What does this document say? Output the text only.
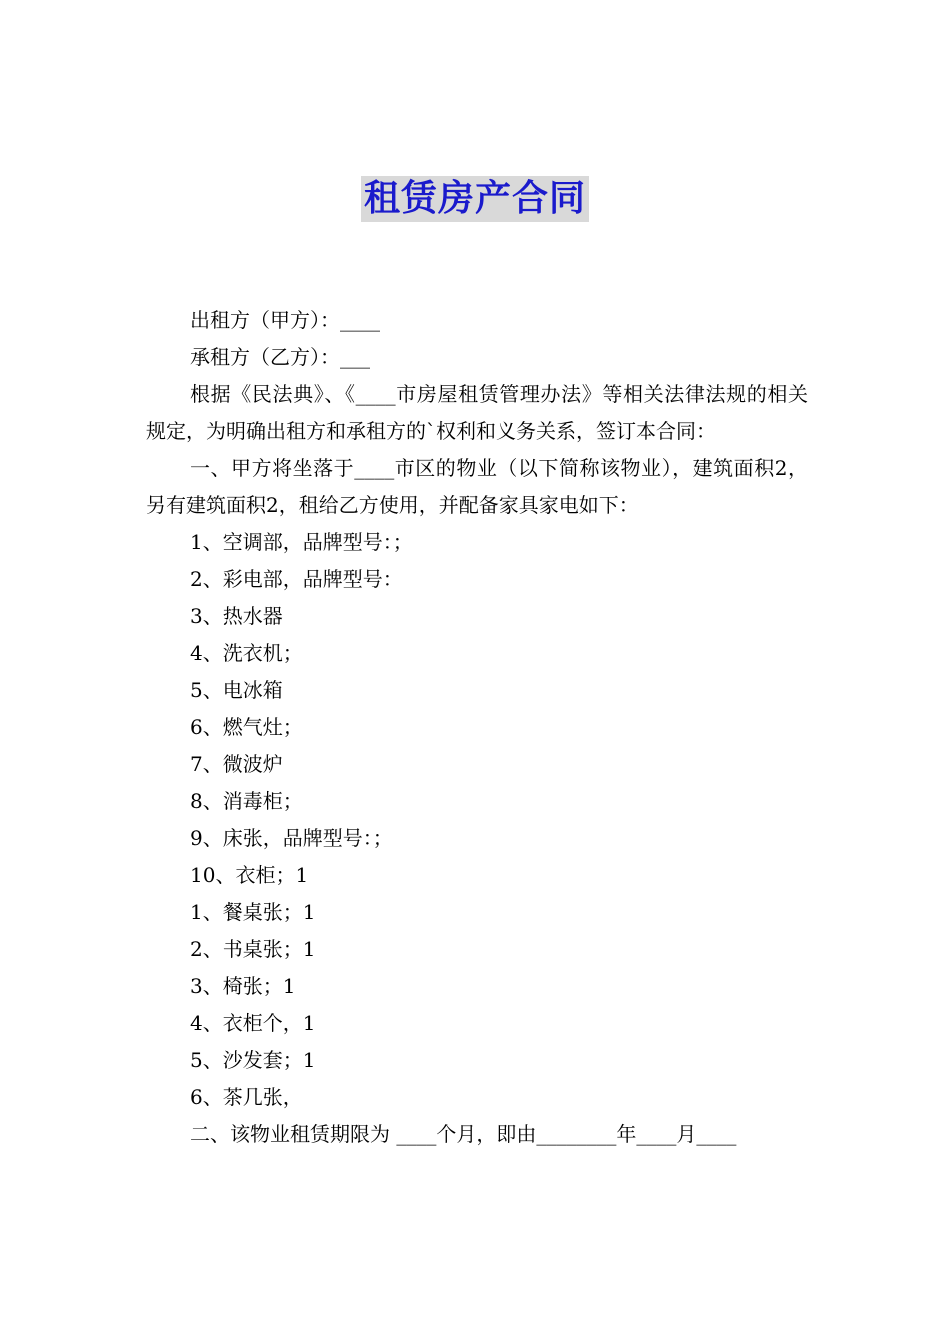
租赁房产合同

出租方（甲方）：____

承租方（乙方）：___

根据《民法典》、《____市房屋租赁管理办法》等相关法律法规的相关规定，为明确出租方和承租方的`权利和义务关系，签订本合同：

一、甲方将坐落于____市区的物业（以下简称该物业），建筑面积2，另有建筑面积2，租给乙方使用，并配备家具家电如下：

1、空调部，品牌型号：；

2、彩电部，品牌型号：

3、热水器

4、洗衣机；

5、电冰箱

6、燃气灶；

7、微波炉

8、消毒柜；

9、床张，品牌型号：；

10、衣柜；1

1、餐桌张；1

2、书桌张；1

3、椅张；1

4、衣柜个，1

5、沙发套；1

6、茶几张，

二、该物业租赁期限为 ____个月，即由________年____月____
